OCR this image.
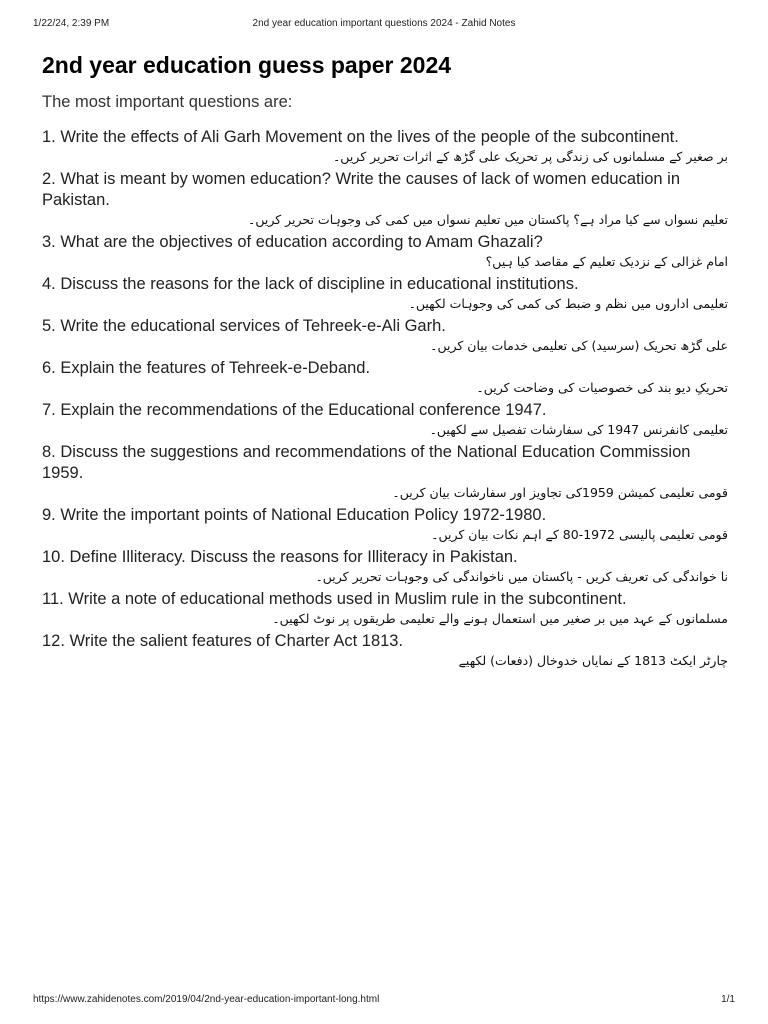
1/22/24, 2:39 PM	2nd year education important questions 2024 - Zahid Notes
2nd year education guess paper 2024

The most important questions are:

1. Write the effects of Ali Garh Movement on the lives of the people of the subcontinent.

بر صغیر کے مسلمانوں کی زندگی پر تحریک علی گڑھ کے اثرات تحریر کریں۔

2. What is meant by women education? Write the causes of lack of women education in Pakistan.

تعلیم نسواں سے کیا مراد ہے؟ پاکستان میں تعلیم نسواں میں کمی کی وجوہات تحریر کریں۔

3. What are the objectives of education according to Amam Ghazali?

امام غزالی کے نزدیک تعلیم کے مقاصد کیا ہیں؟

4. Discuss the reasons for the lack of discipline in educational institutions.

تعلیمی اداروں میں نظم و ضبط کی کمی کی وجوہات لکھیں۔

5. Write the educational services of Tehreek-e-Ali Garh.

علی گڑھ تحریک (سرسید) کی تعلیمی خدمات بیان کریں۔

6. Explain the features of Tehreek-e-Deband.

تحریکِ دیو بند کی خصوصیات کی وضاحت کریں۔

7. Explain the recommendations of the Educational conference 1947.

تعلیمی کانفرنس 1947 کی سفارشات تفصیل سے لکھیں۔

8. Discuss the suggestions and recommendations of the National Education Commission 1959.

قومی تعلیمی کمیشن 1959کی تجاویز اور سفارشات بیان کریں۔

9. Write the important points of National Education Policy 1972-1980.

قومی تعلیمی پالیسی 1972-80 کے اہم نکات بیان کریں۔

10. Define Illiteracy. Discuss the reasons for Illiteracy in Pakistan.

نا خواندگی کی تعریف کریں - پاکستان میں ناخواندگی کی وجوہات تحریر کریں۔

11. Write a note of educational methods used in Muslim rule in the subcontinent.

مسلمانوں کے عہد میں بر صغیر میں استعمال ہونے والے تعلیمی طریقوں پر نوٹ لکھیں۔

12. Write the salient features of Charter Act 1813.

چارٹر ایکٹ 1813 کے نمایاں خدوخال (دفعات) لکھیے

https://www.zahidenotes.com/2019/04/2nd-year-education-important-long.html	1/1
